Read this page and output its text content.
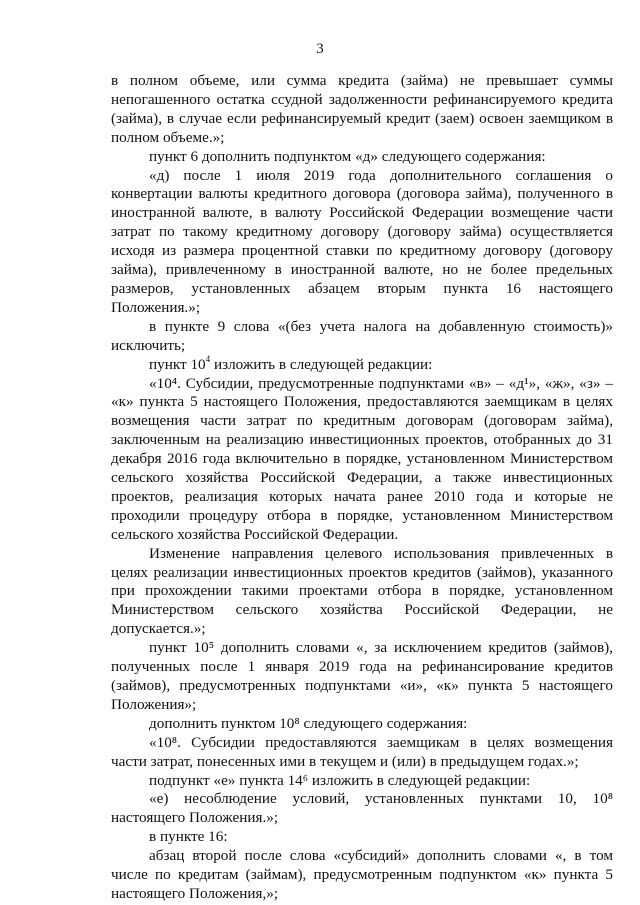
3

в полном объеме, или сумма кредита (займа) не превышает суммы непогашенного остатка ссудной задолженности рефинансируемого кредита (займа), в случае если рефинансируемый кредит (заем) освоен заемщиком в полном объеме.»;

пункт 6 дополнить подпунктом «д» следующего содержания:

«д) после 1 июля 2019 года дополнительного соглашения о конвертации валюты кредитного договора (договора займа), полученного в иностранной валюте, в валюту Российской Федерации возмещение части затрат по такому кредитному договору (договору займа) осуществляется исходя из размера процентной ставки по кредитному договору (договору займа), привлеченному в иностранной валюте, но не более предельных размеров, установленных абзацем вторым пункта 16 настоящего Положения.»;

в пункте 9 слова «(без учета налога на добавленную стоимость)» исключить;

пункт $10^4$ изложить в следующей редакции:

«10⁴. Субсидии, предусмотренные подпунктами «в» – «д¹», «ж», «з» – «к» пункта 5 настоящего Положения, предоставляются заемщикам в целях возмещения части затрат по кредитным договорам (договорам займа), заключенным на реализацию инвестиционных проектов, отобранных до 31 декабря 2016 года включительно в порядке, установленном Министерством сельского хозяйства Российской Федерации, а также инвестиционных проектов, реализация которых начата ранее 2010 года и которые не проходили процедуру отбора в порядке, установленном Министерством сельского хозяйства Российской Федерации.

Изменение направления целевого использования привлеченных в целях реализации инвестиционных проектов кредитов (займов), указанного при прохождении такими проектами отбора в порядке, установленном Министерством сельского хозяйства Российской Федерации, не допускается.»;

пункт 10⁵ дополнить словами «, за исключением кредитов (займов), полученных после 1 января 2019 года на рефинансирование кредитов (займов), предусмотренных подпунктами «и», «к» пункта 5 настоящего Положения»;

дополнить пунктом 10⁸ следующего содержания:

«10⁸. Субсидии предоставляются заемщикам в целях возмещения части затрат, понесенных ими в текущем и (или) в предыдущем годах.»;

подпункт «е» пункта 14⁶ изложить в следующей редакции:

«е) несоблюдение условий, установленных пунктами 10, 10⁸ настоящего Положения.»;

в пункте 16:

абзац второй после слова «субсидий» дополнить словами «, в том числе по кредитам (займам), предусмотренным подпунктом «к» пункта 5 настоящего Положения,»;
